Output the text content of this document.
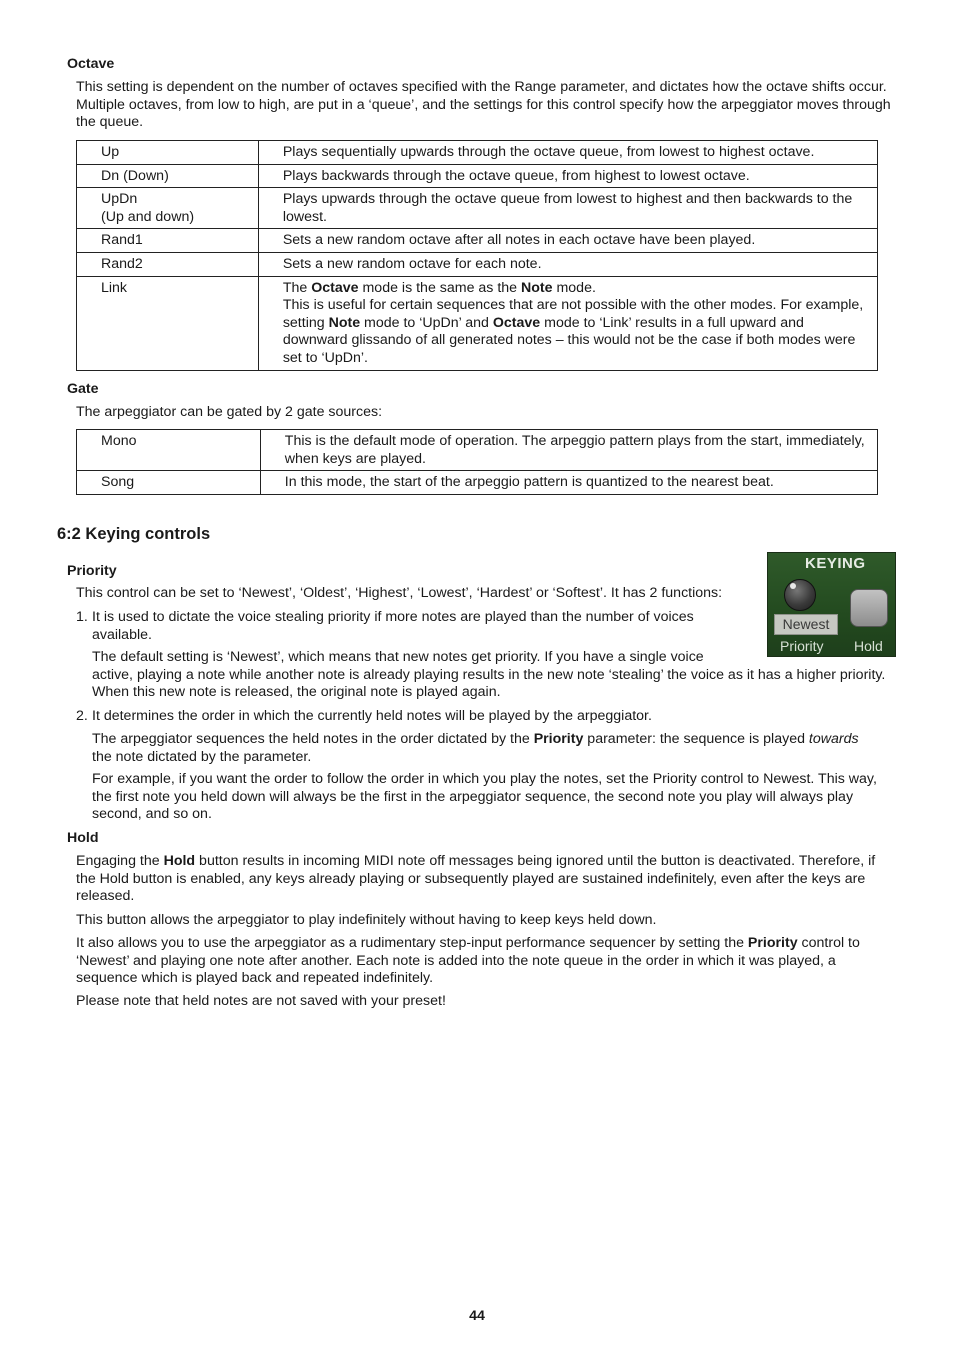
Octave

This setting is dependent on the number of octaves specified with the Range parameter, and dictates how the octave shifts occur. Multiple octaves, from low to high, are put in a ‘queue’, and the settings for this control specify how the arpeggiator moves through the queue.

Up	Plays sequentially upwards through the octave queue, from lowest to highest octave.
Dn (Down)	Plays backwards through the octave queue, from highest to lowest octave.
UpDn
(Up and down)	Plays upwards through the octave queue from lowest to highest and then backwards to the lowest.
Rand1	Sets a new random octave after all notes in each octave have been played.
Rand2	Sets a new random octave for each note.
Link	The Octave mode is the same as the Note mode.
This is useful for certain sequences that are not possible with the other modes. For example, setting Note mode to ‘UpDn’ and Octave mode to ‘Link’ results in a full upward and downward glissando of all generated notes – this would not be the case if both modes were set to ‘UpDn’.
Gate

The arpeggiator can be gated by 2 gate sources:

Mono	This is the default mode of operation. The arpeggio pattern plays from the start, immediately, when keys are played.
Song	In this mode, the start of the arpeggio pattern is quantized to the nearest beat.
6:2 Keying controls
KEYING
Newest
Priority Hold
Priority

This control can be set to ‘Newest’, ‘Oldest’, ‘Highest’, ‘Lowest’, ‘Hardest’ or ‘Softest’. It has 2 functions:

1. It is used to dictate the voice stealing priority if more notes are played than the number of voices
available.
The default setting is ‘Newest’, which means that new notes get priority. If you have a single voice
active, playing a note while another note is already playing results in the new note ‘stealing’ the voice as it has a higher priority. When this new note is released, the original note is played again.
2. It determines the order in which the currently held notes will be played by the arpeggiator.
The arpeggiator sequences the held notes in the order dictated by the Priority parameter: the sequence is played towards the note dictated by the parameter.
For example, if you want the order to follow the order in which you play the notes, set the Priority control to Newest. This way, the first note you held down will always be the first in the arpeggiator sequence, the second note you play will always play second, and so on.
Hold

Engaging the Hold button results in incoming MIDI note off messages being ignored until the button is deactivated. Therefore, if the Hold button is enabled, any keys already playing or subsequently played are sustained indefinitely, even after the keys are released.

This button allows the arpeggiator to play indefinitely without having to keep keys held down.

It also allows you to use the arpeggiator as a rudimentary step-input performance sequencer by setting the Priority control to ‘Newest’ and playing one note after another. Each note is added into the note queue in the order in which it was played, a sequence which is played back and repeated indefinitely.

Please note that held notes are not saved with your preset!

44
